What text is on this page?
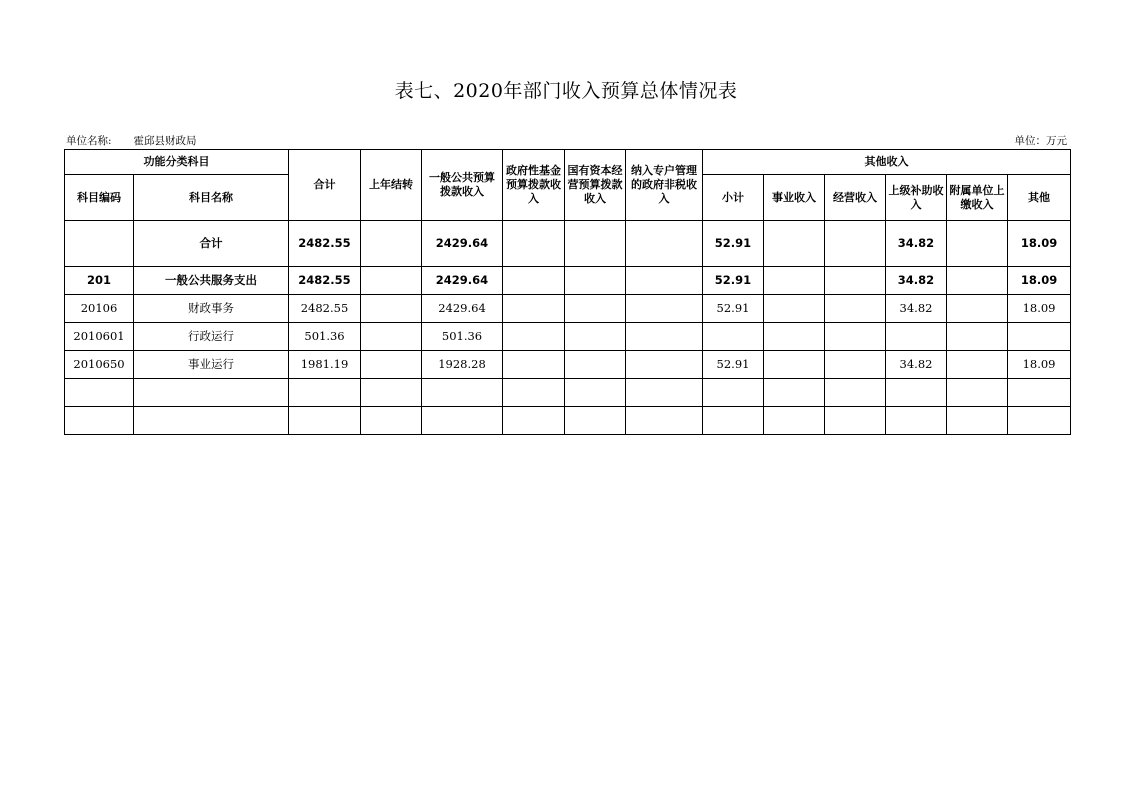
表七、2020年部门收入预算总体情况表
单位名称: 霍邱县财政局	单位：万元
功能分类科目		合计	上年结转	一般公共预算拨款收入	政府性基金预算拨款收入	国有资本经营预算拨款收入	纳入专户管理的政府非税收入	其他收入					
科目编码	科目名称							小计	事业收入	经营收入	上级补助收入	附属单位上缴收入	其他
	合计	2482.55		2429.64				52.91			34.82		18.09
201	一般公共服务支出	2482.55		2429.64				52.91			34.82		18.09
20106	财政事务	2482.55		2429.64				52.91			34.82		18.09
2010601	行政运行	501.36		501.36									
2010650	事业运行	1981.19		1928.28				52.91			34.82		18.09
